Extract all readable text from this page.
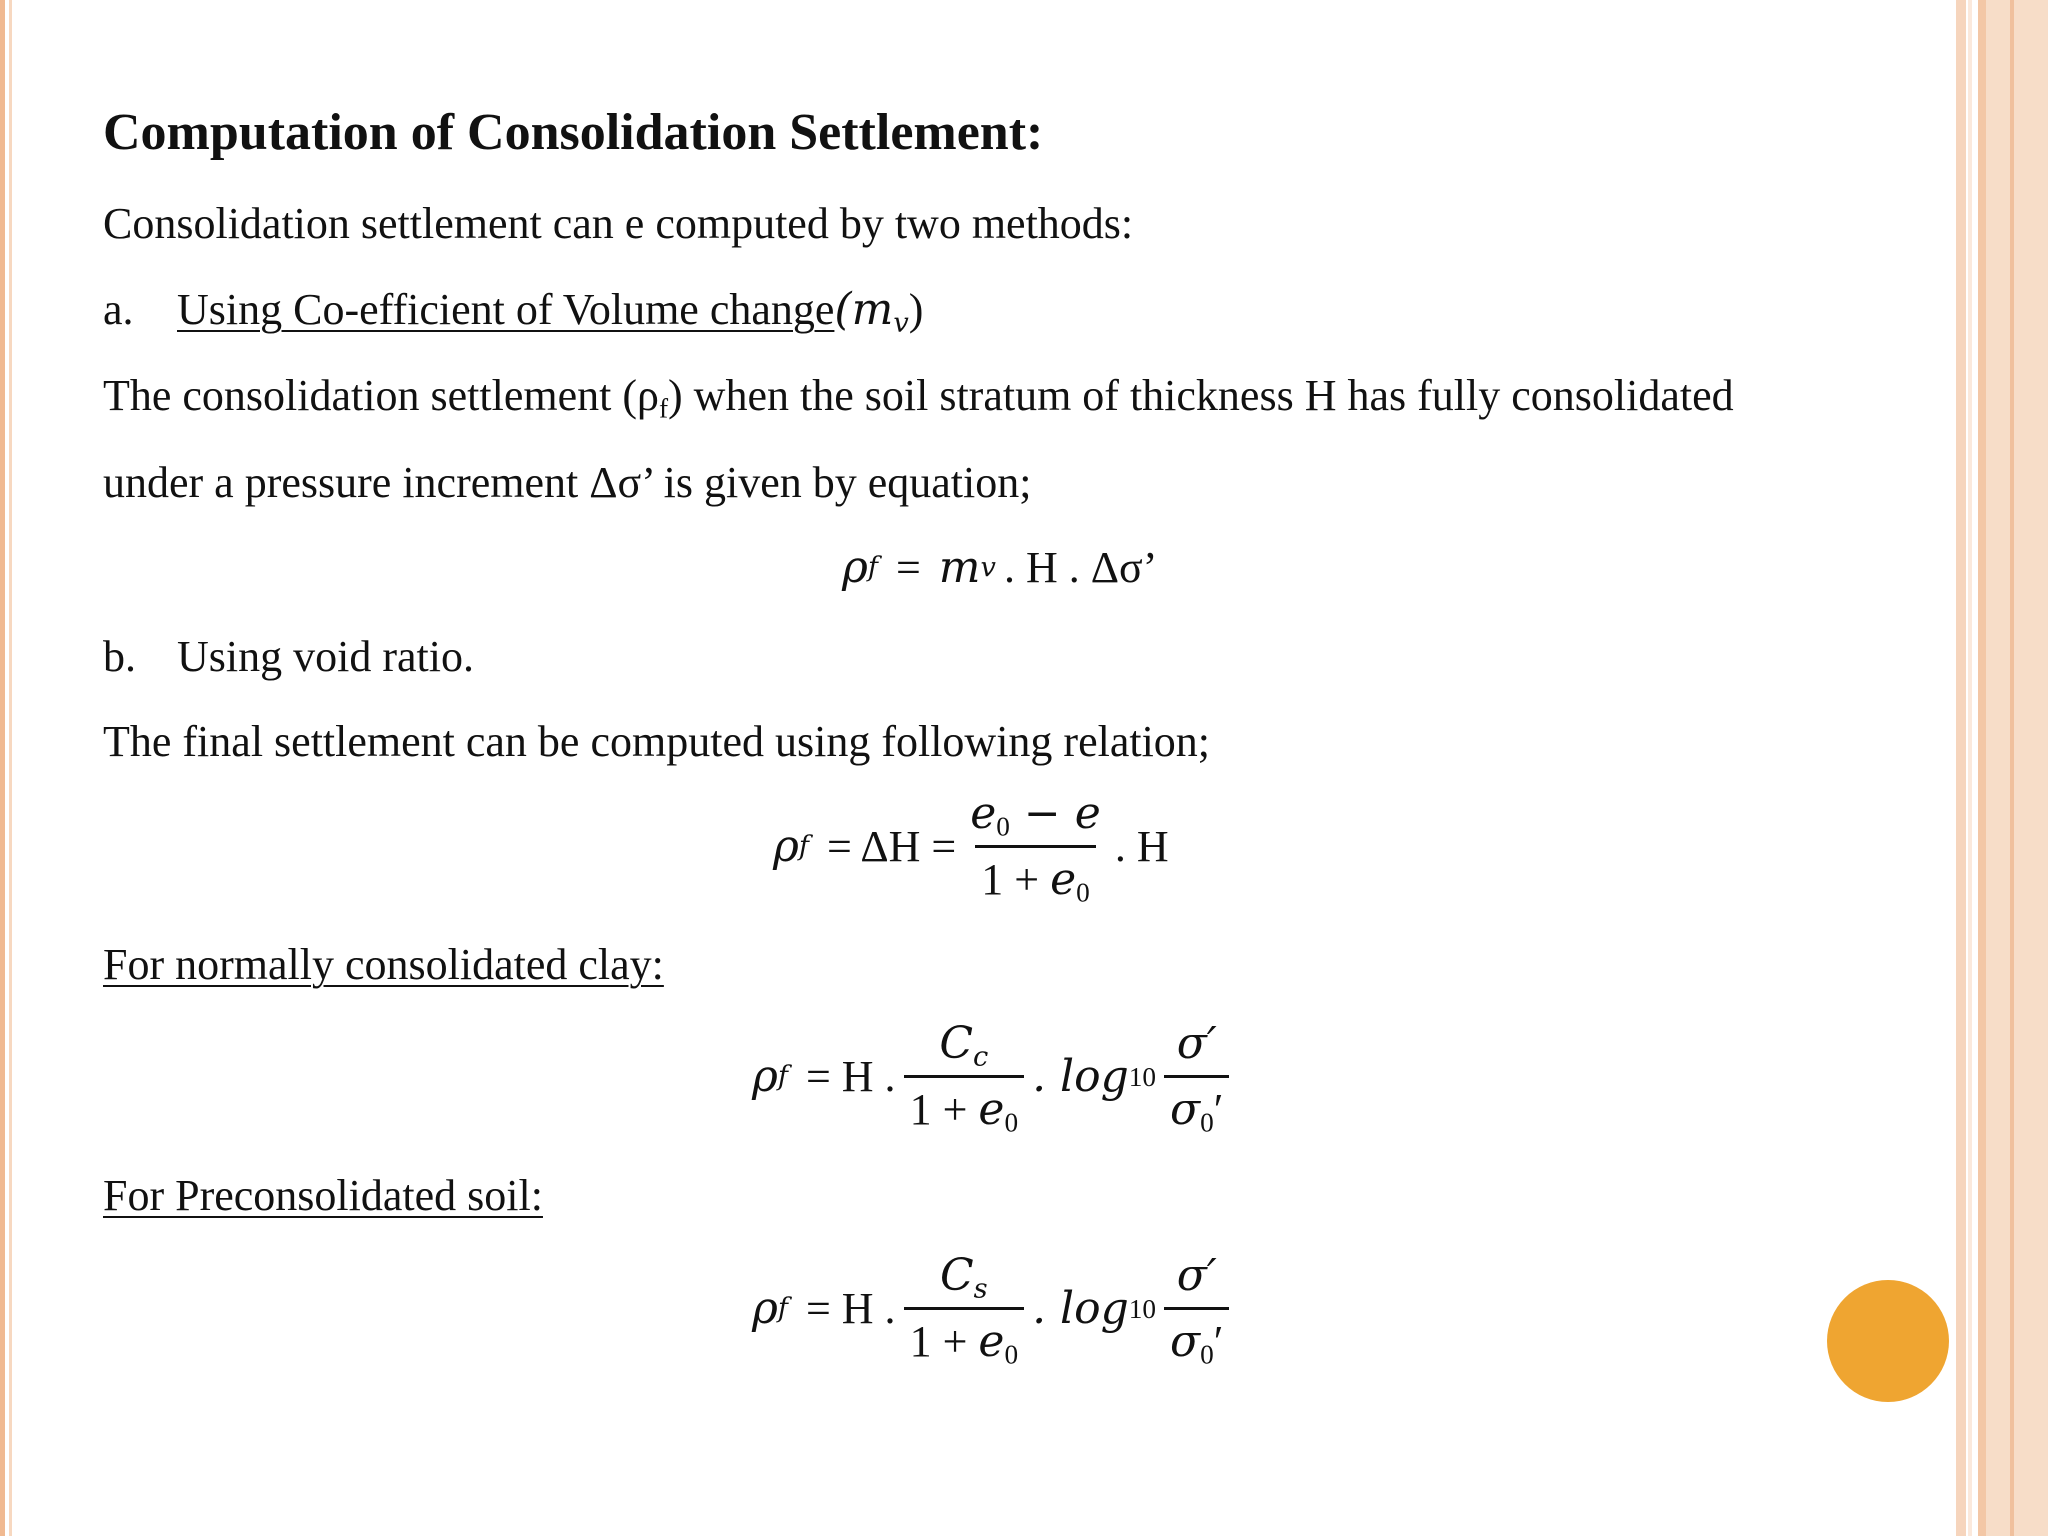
Computation of Consolidation Settlement:
Consolidation settlement can e computed by two methods:
a. Using Co-efficient of Volume $change(m_v)$
The consolidation settlement $(\rho_f)$ when the soil stratum of thickness H has fully consolidated
under a pressure increment Δσ’ is given by equation;
ρ f = m v . H . Δσ’
b. Using void ratio.
The final settlement can be computed using following relation;
ρ $f = \Delta H = \frac{e_0 - e}{1 + e_0}$ . H
For normally consolidated clay:
ρ f = H . $\frac{C_c}{1 + e_0}$ . $\log 10 \frac{\sigma'}{\sigma_0'}$
For Preconsolidated soil:
ρ f = H . $\frac{C_s}{1 + e_0}$ . $\log 10 \frac{\sigma'}{\sigma_0'}$
